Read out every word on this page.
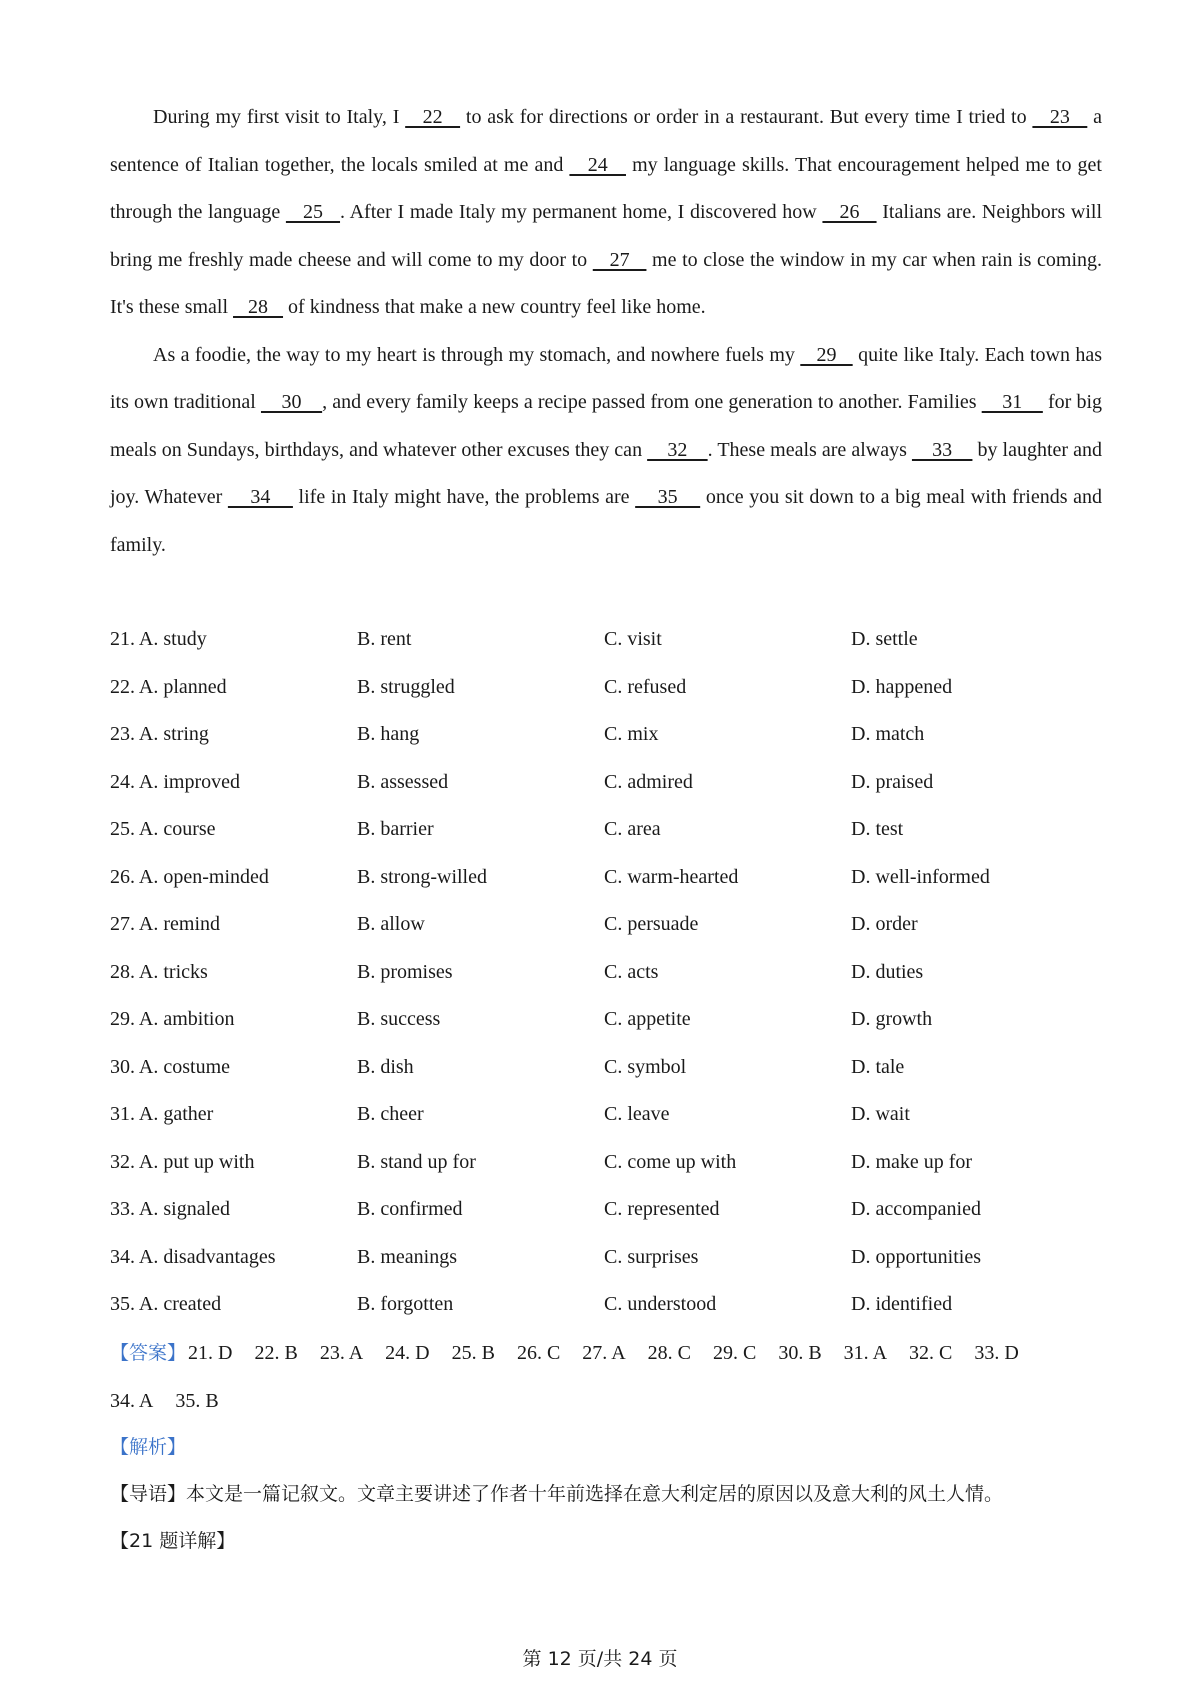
During my first visit to Italy, I    22    to ask for directions or order in a restaurant. But every time I tried to    23    a sentence of Italian together, the locals smiled at me and    24    my language skills. That encouragement helped me to get through the language    25   . After I made Italy my permanent home, I discovered how    26    Italians are. Neighbors will bring me freshly made cheese and will come to my door to    27    me to close the window in my car when rain is coming. It's these small    28    of kindness that make a new country feel like home.

As a foodie, the way to my heart is through my stomach, and nowhere fuels my    29    quite like Italy. Each town has its own traditional     30    , and every family keeps a recipe passed from one generation to another. Families     31     for big meals on Sundays, birthdays, and whatever other excuses they can     32    . These meals are always     33     by laughter and joy. Whatever     34     life in Italy might have, the problems are     35     once you sit down to a big meal with friends and family.

21. A. study	B. rent	C. visit	D. settle
22. A. planned	B. struggled	C. refused	D. happened
23. A. string	B. hang	C. mix	D. match
24. A. improved	B. assessed	C. admired	D. praised
25. A. course	B. barrier	C. area	D. test
26. A. open-minded	B. strong-willed	C. warm-hearted	D. well-informed
27. A. remind	B. allow	C. persuade	D. order
28. A. tricks	B. promises	C. acts	D. duties
29. A. ambition	B. success	C. appetite	D. growth
30. A. costume	B. dish	C. symbol	D. tale
31. A. gather	B. cheer	C. leave	D. wait
32. A. put up with	B. stand up for	C. come up with	D. make up for
33. A. signaled	B. confirmed	C. represented	D. accompanied
34. A. disadvantages	B. meanings	C. surprises	D. opportunities
35. A. created	B. forgotten	C. understood	D. identified
【答案】 21. D 22. B 23. A 24. D 25. B 26. C 27. A 28. C 29. C 30. B 31. A 32. C 33. D34. A 35. B
【解析】
【导语】本文是一篇记叙文。文章主要讲述了作者十年前选择在意大利定居的原因以及意大利的风土人情。
【21 题详解】
第 12 页/共 24 页
